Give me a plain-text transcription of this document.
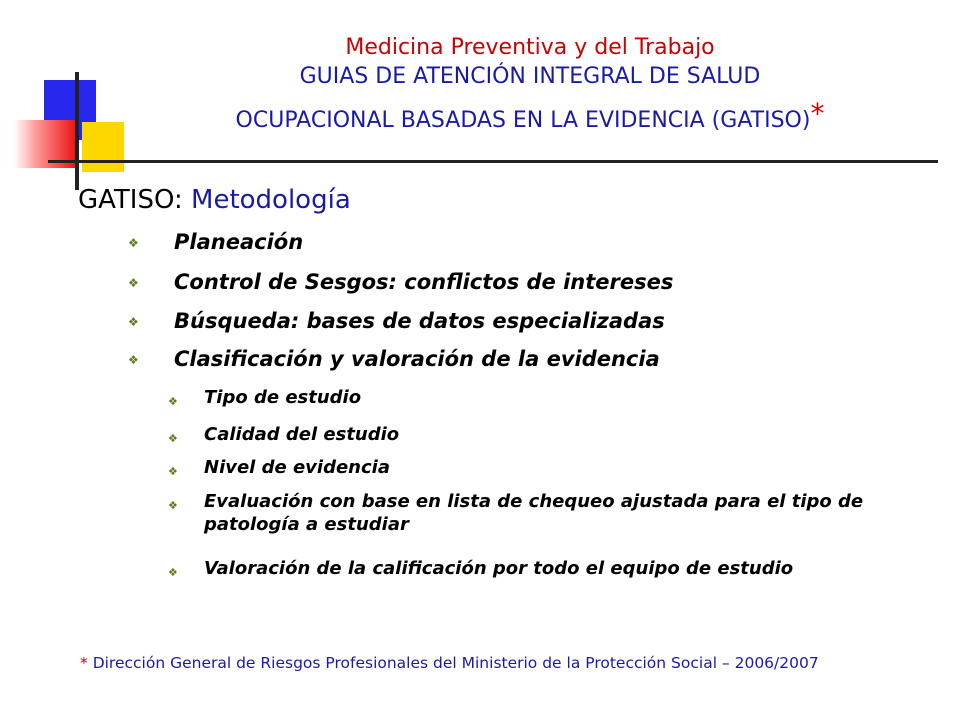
Medicina Preventiva y del Trabajo
GUIAS DE ATENCIÓN INTEGRAL DE SALUD
OCUPACIONAL BASADAS EN LA EVIDENCIA (GATISO)*
GATISO: Metodología
❖ Planeación
❖ Control de Sesgos: conflictos de intereses
❖ Búsqueda: bases de datos especializadas
❖ Clasificación y valoración de la evidencia
❖ Tipo de estudio
❖ Calidad del estudio
❖ Nivel de evidencia
❖ Evaluación con base en lista de chequeo ajustada para el tipo de patología a estudiar
❖ Valoración de la calificación por todo el equipo de estudio
* Dirección General de Riesgos Profesionales del Ministerio de la Protección Social – 2006/2007
